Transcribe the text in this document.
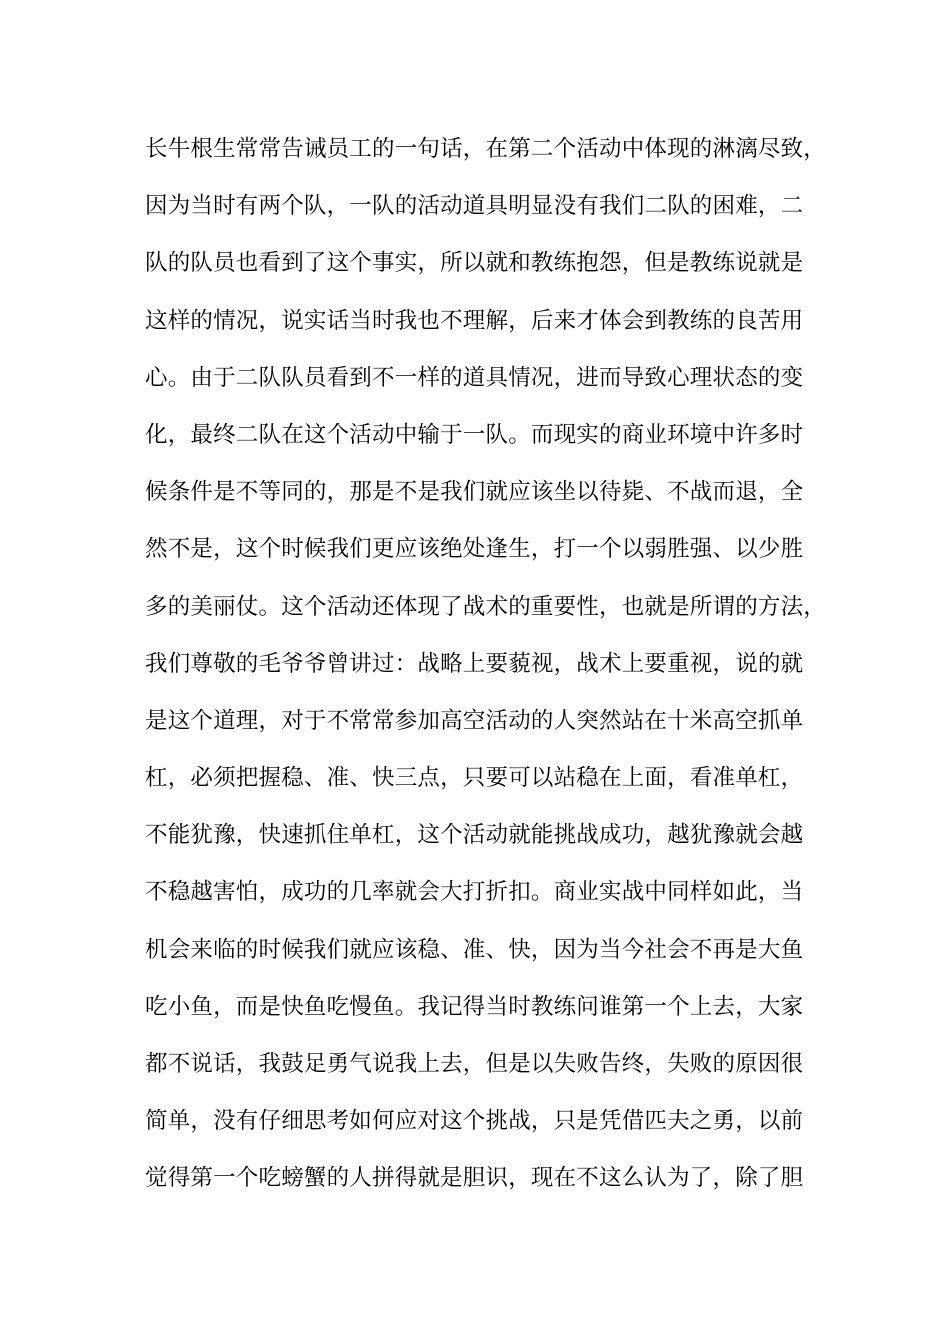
长牛根生常常告诫员工的一句话，在第二个活动中体现的淋漓尽致，
因为当时有两个队，一队的活动道具明显没有我们二队的困难，二
队的队员也看到了这个事实，所以就和教练抱怨，但是教练说就是
这样的情况，说实话当时我也不理解，后来才体会到教练的良苦用
心。由于二队队员看到不一样的道具情况，进而导致心理状态的变
化，最终二队在这个活动中输于一队。而现实的商业环境中许多时
候条件是不等同的，那是不是我们就应该坐以待毙、不战而退，全
然不是，这个时候我们更应该绝处逢生，打一个以弱胜强、以少胜
多的美丽仗。这个活动还体现了战术的重要性，也就是所谓的方法，
我们尊敬的毛爷爷曾讲过：战略上要藐视，战术上要重视，说的就
是这个道理，对于不常常参加高空活动的人突然站在十米高空抓单
杠，必须把握稳、准、快三点，只要可以站稳在上面，看准单杠，
不能犹豫，快速抓住单杠，这个活动就能挑战成功，越犹豫就会越
不稳越害怕，成功的几率就会大打折扣。商业实战中同样如此，当
机会来临的时候我们就应该稳、准、快，因为当今社会不再是大鱼
吃小鱼，而是快鱼吃慢鱼。我记得当时教练问谁第一个上去，大家
都不说话，我鼓足勇气说我上去，但是以失败告终，失败的原因很
简单，没有仔细思考如何应对这个挑战，只是凭借匹夫之勇，以前
觉得第一个吃螃蟹的人拼得就是胆识，现在不这么认为了，除了胆
